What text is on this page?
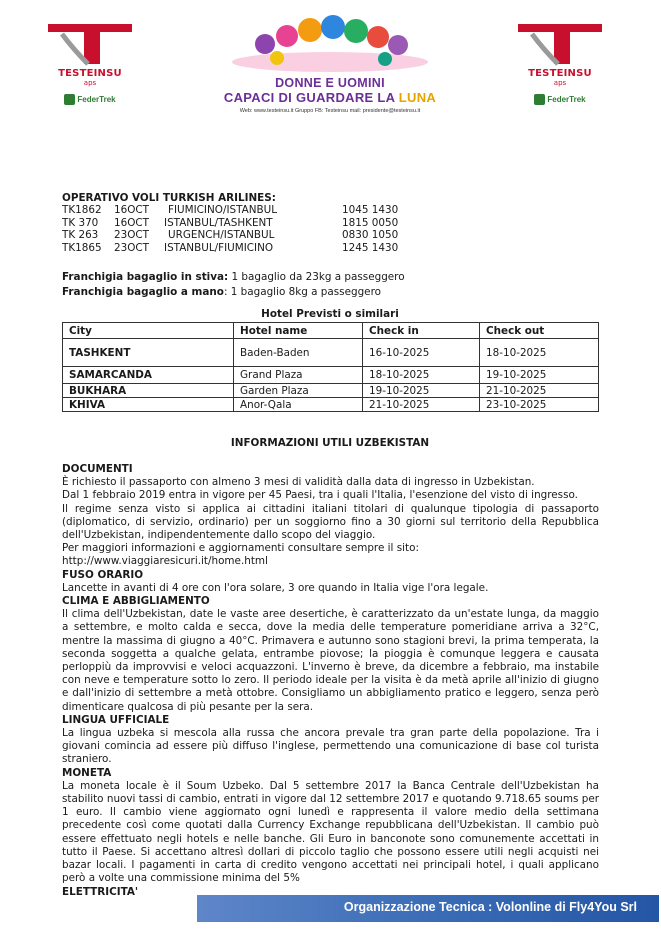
TESTEINSU
aps
FederTrek
DONNE E UOMINI
CAPACI DI GUARDARE LA LUNA
Web: www.testeinsu.it Gruppo FB: Testeinsu mail: presidente@testeinsu.it
TESTEINSU
aps
FederTrek
OPERATIVO VOLI TURKISH ARILINES:
TK1862 16OCT FIUMICINO/ISTANBUL	1045 1430
TK 370 16OCT ISTANBUL/TASHKENT	1815 0050
TK 263 23OCT URGENCH/ISTANBUL	0830 1050
TK1865 23OCT ISTANBUL/FIUMICINO	1245 1430
Franchigia bagaglio in stiva: 1 bagaglio da 23kg a passeggero
Franchigia bagaglio a mano: 1 bagaglio 8kg a passeggero
Hotel Previsti o similari
City	Hotel name	Check in	Check out
TASHKENT	Baden-Baden	16-10-2025	18-10-2025
SAMARCANDA	Grand Plaza	18-10-2025	19-10-2025
BUKHARA	Garden Plaza	19-10-2025	21-10-2025
KHIVA	Anor-Qala	21-10-2025	23-10-2025
INFORMAZIONI UTILI UZBEKISTAN
DOCUMENTI

È richiesto il passaporto con almeno 3 mesi di validità dalla data di ingresso in Uzbekistan.

Dal 1 febbraio 2019 entra in vigore per 45 Paesi, tra i quali l'Italia, l'esenzione del visto di ingresso.

Il regime senza visto si applica ai cittadini italiani titolari di qualunque tipologia di passaporto (diplomatico, di servizio, ordinario) per un soggiorno fino a 30 giorni sul territorio della Repubblica dell'Uzbekistan, indipendentemente dallo scopo del viaggio.

Per maggiori informazioni e aggiornamenti consultare sempre il sito: http://www.viaggiaresicuri.it/home.html

FUSO ORARIO

Lancette in avanti di 4 ore con l'ora solare, 3 ore quando in Italia vige l'ora legale.

CLIMA E ABBIGLIAMENTO

Il clima dell'Uzbekistan, date le vaste aree desertiche, è caratterizzato da un'estate lunga, da maggio a settembre, e molto calda e secca, dove la media delle temperature pomeridiane arriva a 32°C, mentre la massima di giugno a 40°C. Primavera e autunno sono stagioni brevi, la prima temperata, la seconda soggetta a qualche gelata, entrambe piovose; la pioggia è comunque leggera e causata perloppiù da improvvisi e veloci acquazzoni. L'inverno è breve, da dicembre a febbraio, ma instabile con neve e temperature sotto lo zero. Il periodo ideale per la visita è da metà aprile all'inizio di giugno e dall'inizio di settembre a metà ottobre. Consigliamo un abbigliamento pratico e leggero, senza però dimenticare qualcosa di più pesante per la sera.

LINGUA UFFICIALE

La lingua uzbeka si mescola alla russa che ancora prevale tra gran parte della popolazione. Tra i giovani comincia ad essere più diffuso l'inglese, permettendo una comunicazione di base col turista straniero.

MONETA

La moneta locale è il Soum Uzbeko. Dal 5 settembre 2017 la Banca Centrale dell'Uzbekistan ha stabilito nuovi tassi di cambio, entrati in vigore dal 12 settembre 2017 e quotando 9.718.65 soums per 1 euro. Il cambio viene aggiornato ogni lunedì e rappresenta il valore medio della settimana precedente così come quotati dalla Currency Exchange repubblicana dell'Uzbekistan. Il cambio può essere effettuato negli hotels e nelle banche. Gli Euro in banconote sono comunemente accettati in tutto il Paese. Si accettano altresì dollari di piccolo taglio che possono essere utili negli acquisti nei bazar locali. I pagamenti in carta di credito vengono accettati nei principali hotel, i quali applicano però a volte una commissione minima del 5%

ELETTRICITA'
Organizzazione Tecnica : Volonline di Fly4You Srl
